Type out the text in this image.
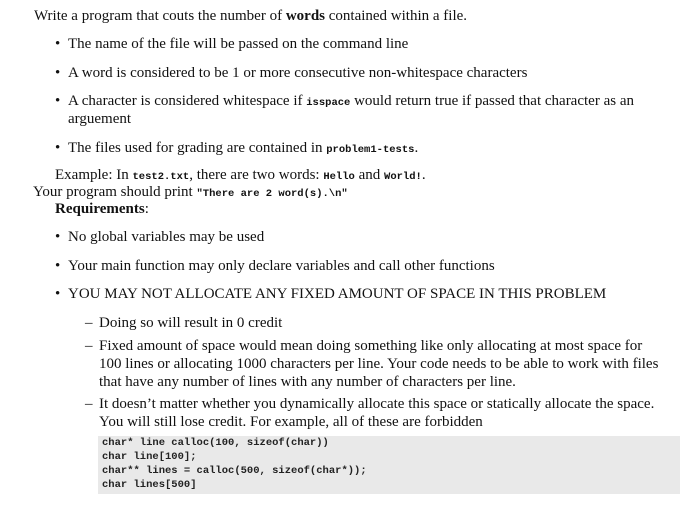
Write a program that couts the number of words contained within a file.
• The name of the file will be passed on the command line
• A word is considered to be 1 or more consecutive non-whitespace characters
• A character is considered whitespace if isspace would return true if passed that character as an
arguement
• The files used for grading are contained in problem1-tests.
Example: In test2.txt, there are two words: Hello and World!.
Your program should print "There are 2 word(s).\n"
Requirements:
• No global variables may be used
• Your main function may only declare variables and call other functions
• YOU MAY NOT ALLOCATE ANY FIXED AMOUNT OF SPACE IN THIS PROBLEM
– Doing so will result in 0 credit
– Fixed amount of space would mean doing something like only allocating at most space for
100 lines or allocating 1000 characters per line. Your code needs to be able to work with files
that have any number of lines with any number of characters per line.
– It doesn’t matter whether you dynamically allocate this space or statically allocate the space.
You will still lose credit. For example, all of these are forbidden
char* line calloc(100, sizeof(char))
char line[100];
char** lines = calloc(500, sizeof(char*));
char lines[500]
